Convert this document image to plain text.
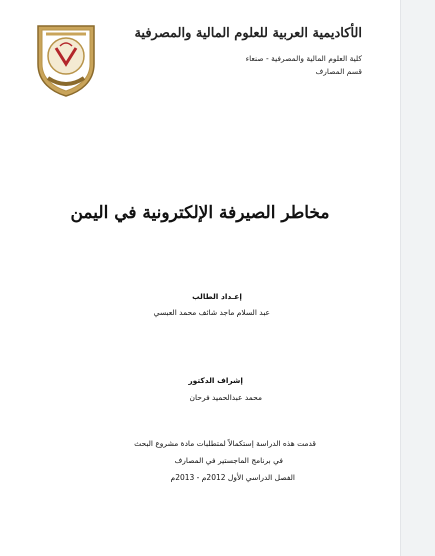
الأكاديمية العربية للعلوم المالية والمصرفية
كلية العلوم المالية والمصرفية - صنعاء
قسم المصارف
مخاطر الصيرفة الإلكترونية في اليمن
إعـداد الطالب
عبد السلام ماجد شائف محمد العبسي
إشراف الدكتور
محمد عبدالحميد فرحان
قدمت هذه الدراسة إستكمالاً لمتطلبات مادة مشروع البحث
في برنامج الماجستير في المصارف
الفصل الدراسي الأول 2012م - 2013م
